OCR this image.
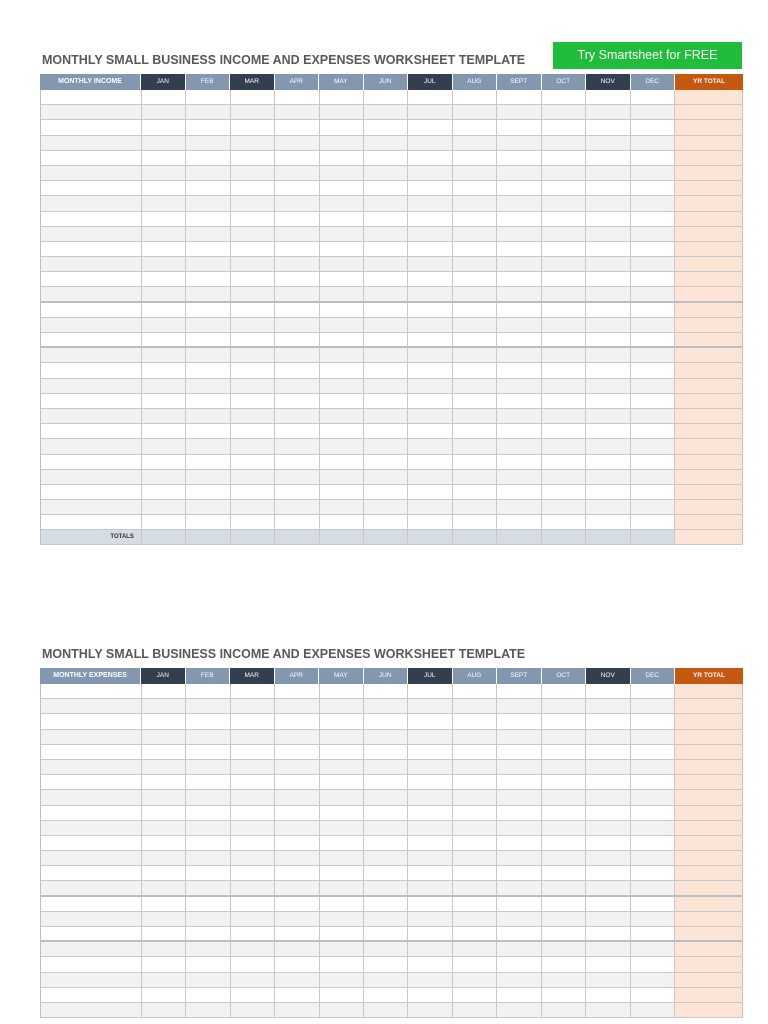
MONTHLY SMALL BUSINESS INCOME AND EXPENSES WORKSHEET TEMPLATE
MONTHLY INCOME	JAN	FEB	MAR	APR	MAY	JUN	JUL	AUG	SEPT	OCT	NOV	DEC	YR TOTAL
TOTALS
Try Smartsheet for FREE
MONTHLY SMALL BUSINESS INCOME AND EXPENSES WORKSHEET TEMPLATE
MONTHLY EXPENSES	JAN	FEB	MAR	APR	MAY	JUN	JUL	AUG	SEPT	OCT	NOV	DEC	YR TOTAL
